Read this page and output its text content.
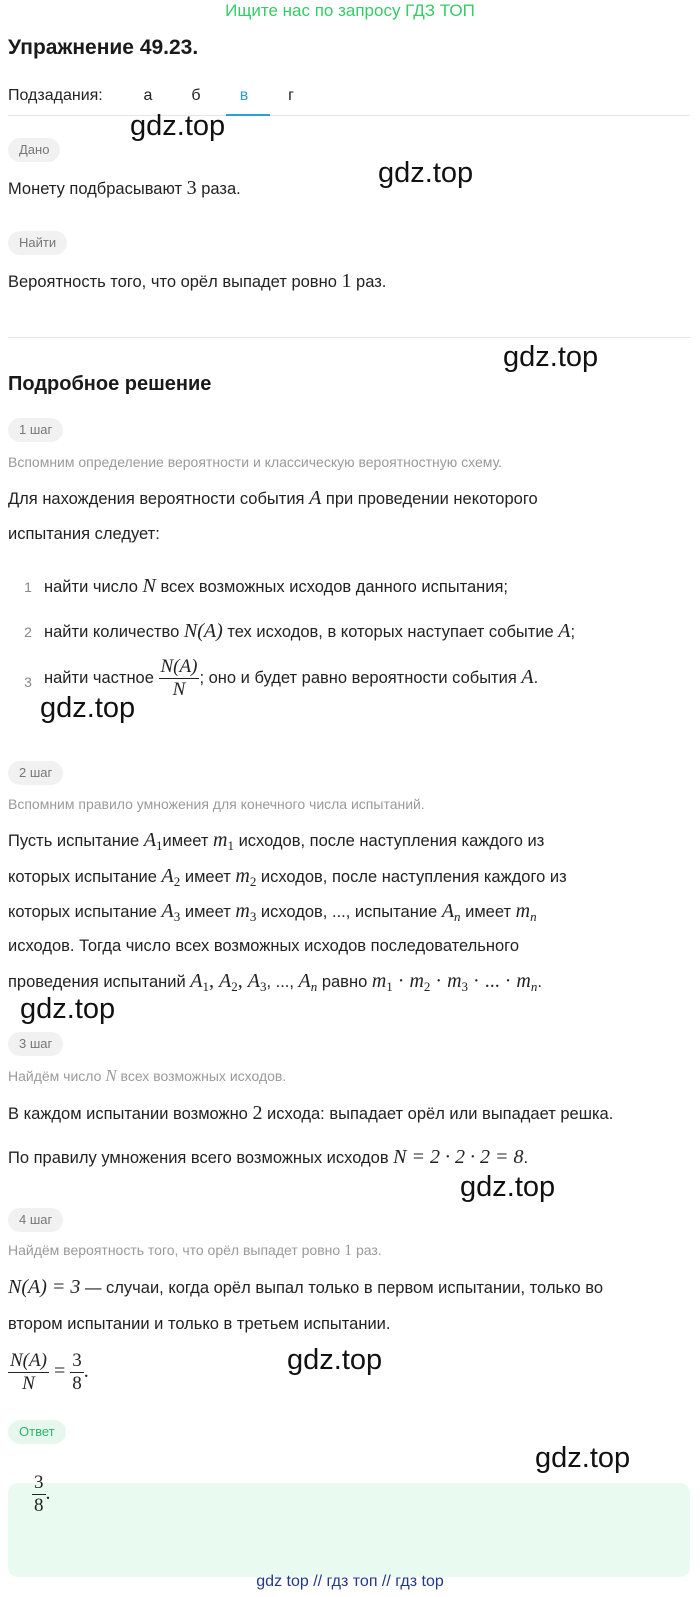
Ищите нас по запросу ГДЗ ТОП
Упражнение 49.23.
Подзадания:	а	б	в	г
Дано
Монету подбрасывают 3 раза.
Найти
Вероятность того, что орёл выпадет ровно 1 раз.
Подробное решение
1 шаг
Вспомним определение вероятности и классическую вероятностную схему.
Для нахождения вероятности события A при проведении некоторого
испытания следует:
1 найти число N всех возможных исходов данного испытания;
2 найти количество N(A) тех исходов, в которых наступает событие A;
3 найти частное $\frac{N(A)}{N}$ ; оно и будет равно вероятности события A.
2 шаг
Вспомним правило умножения для конечного числа испытаний.
Пусть испытание $A_1имеет$ $m_1$ исходов, после наступления каждого из
которых испытание $A_2$ имеет $m_2$ исходов, после наступления каждого из
которых испытание $A_3$ имеет $m_3$ исходов, ..., испытание $A_n$ имеет $m_n$
исходов. Тогда число всех возможных исходов последовательного
проведения испытаний $A_1$, $A_2$, $A_3$, ..., $A_n$ равно $m_1 \cdot m_2 \cdot m_3$ · ... · $m_n$.
3 шаг
Найдём число N всех возможных исходов.
В каждом испытании возможно 2 исхода: выпадает орёл или выпадает решка.
По правилу умножения всего возможных исходов N = 2 · 2 · 2 = 8.
4 шаг
Найдём вероятность того, что орёл выпадет ровно 1 раз.
N(A) = 3 — случаи, когда орёл выпал только в первом испытании, только во
втором испытании и только в третьем испытании.
$\frac{N(A)}{N} = \frac{3}{8}$ .
Ответ
$\frac{3}{8}$ .
gdz.top
gdz.top
gdz.top
gdz.top
gdz.top
gdz.top
gdz.top
gdz.top
gdz top // гдз топ // гдз top
